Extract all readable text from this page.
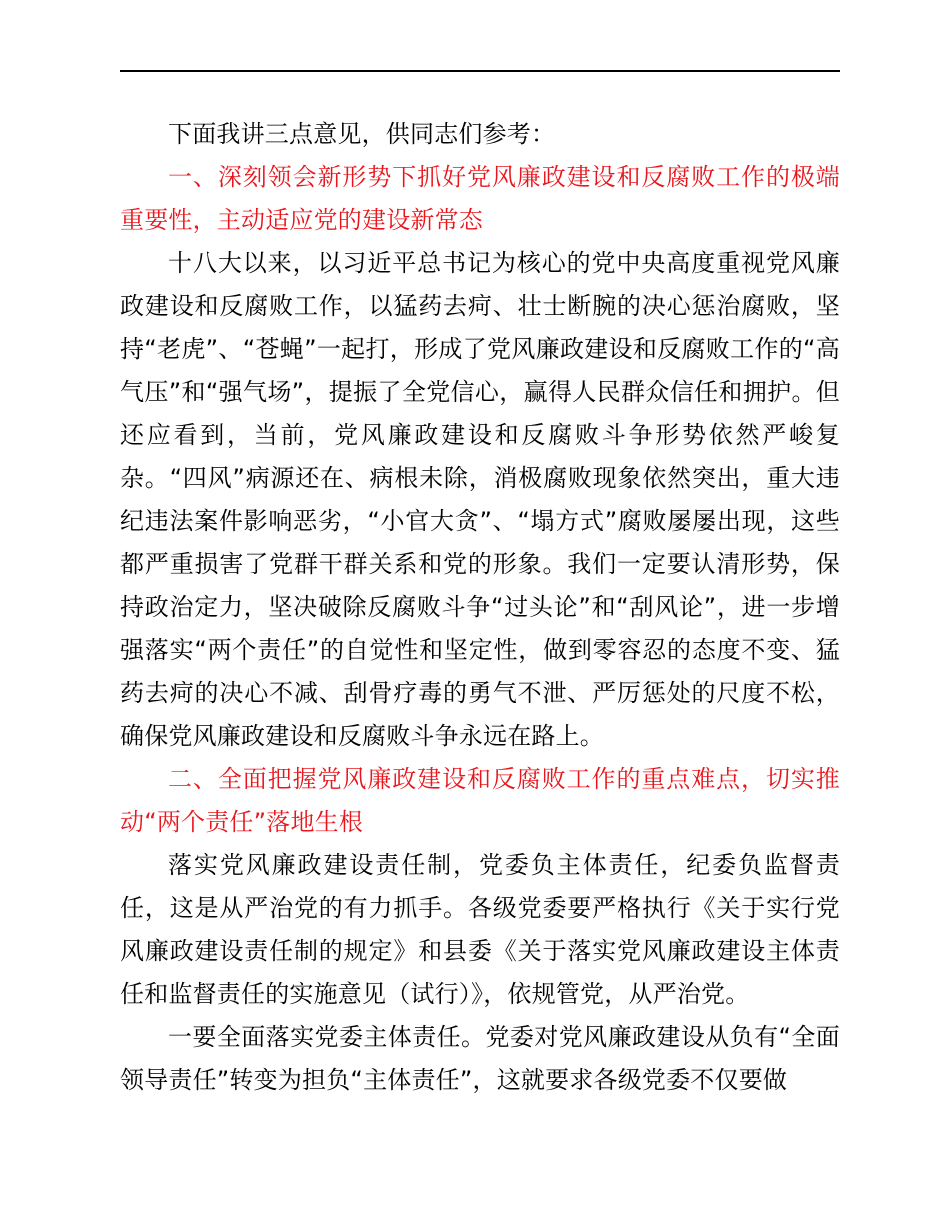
下面我讲三点意见，供同志们参考：

一、深刻领会新形势下抓好党风廉政建设和反腐败工作的极端重要性，主动适应党的建设新常态

十八大以来，以习近平总书记为核心的党中央高度重视党风廉政建设和反腐败工作，以猛药去疴、壮士断腕的决心惩治腐败，坚持“老虎”、“苍蝇”一起打，形成了党风廉政建设和反腐败工作的“高气压”和“强气场”，提振了全党信心，赢得人民群众信任和拥护。但还应看到，当前，党风廉政建设和反腐败斗争形势依然严峻复杂。“四风”病源还在、病根未除，消极腐败现象依然突出，重大违纪违法案件影响恶劣，“小官大贪”、“塌方式”腐败屡屡出现，这些都严重损害了党群干群关系和党的形象。我们一定要认清形势，保持政治定力，坚决破除反腐败斗争“过头论”和“刮风论”，进一步增强落实“两个责任”的自觉性和坚定性，做到零容忍的态度不变、猛药去疴的决心不减、刮骨疗毒的勇气不泄、严厉惩处的尺度不松，确保党风廉政建设和反腐败斗争永远在路上。

二、全面把握党风廉政建设和反腐败工作的重点难点，切实推动“两个责任”落地生根

落实党风廉政建设责任制，党委负主体责任，纪委负监督责任，这是从严治党的有力抓手。各级党委要严格执行《关于实行党风廉政建设责任制的规定》和县委《关于落实党风廉政建设主体责任和监督责任的实施意见（试行）》，依规管党，从严治党。

一要全面落实党委主体责任。党委对党风廉政建设从负有“全面领导责任”转变为担负“主体责任”，这就要求各级党委不仅要做
